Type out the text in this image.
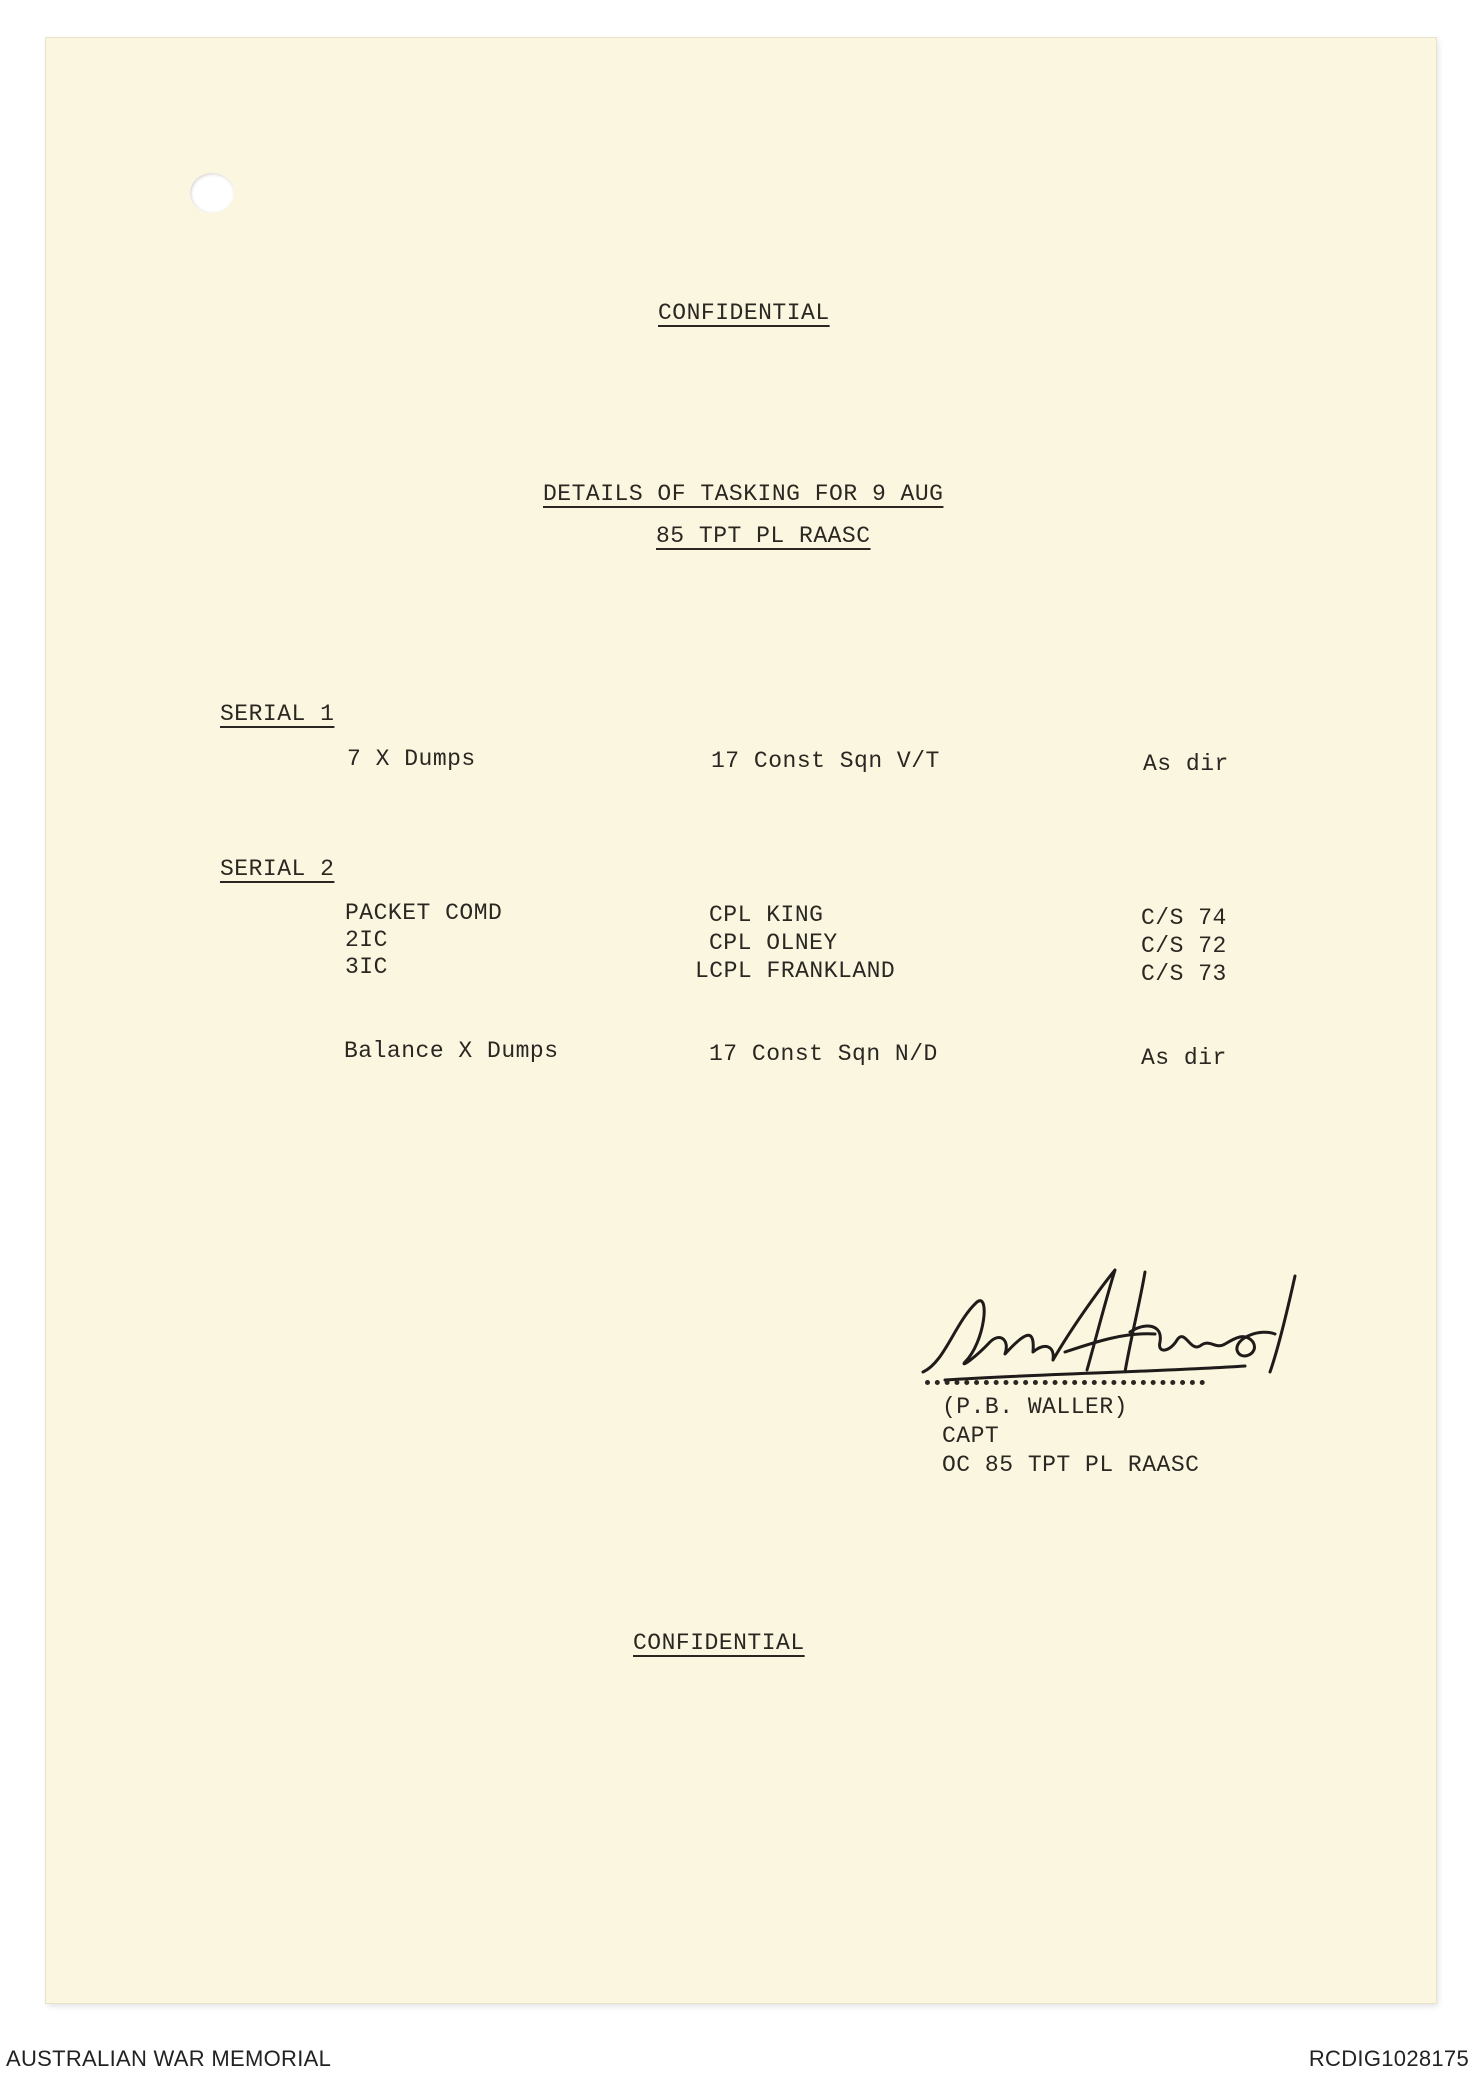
CONFIDENTIAL
DETAILS OF TASKING FOR 9 AUG
85 TPT PL RAASC
SERIAL 1
7 X Dumps	17 Const Sqn V/T	As dir
SERIAL 2
PACKET COMD	CPL KING	C/S 74
2IC	CPL OLNEY	C/S 72
3IC	LCPL FRANKLAND	C/S 73
Balance X Dumps	17 Const Sqn N/D	As dir
(P.B. WALLER)
CAPT
OC 85 TPT PL RAASC
CONFIDENTIAL
AUSTRALIAN WAR MEMORIAL	RCDIG1028175
